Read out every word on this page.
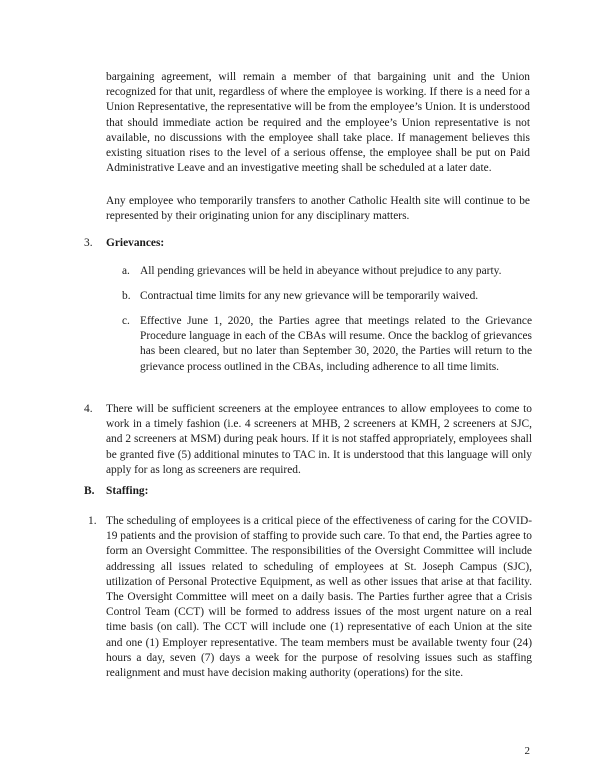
bargaining agreement, will remain a member of that bargaining unit and the Union recognized for that unit, regardless of where the employee is working. If there is a need for a Union Representative, the representative will be from the employee’s Union. It is understood that should immediate action be required and the employee’s Union representative is not available, no discussions with the employee shall take place. If management believes this existing situation rises to the level of a serious offense, the employee shall be put on Paid Administrative Leave and an investigative meeting shall be scheduled at a later date.

Any employee who temporarily transfers to another Catholic Health site will continue to be represented by their originating union for any disciplinary matters.

3. Grievances:
a. All pending grievances will be held in abeyance without prejudice to any party.

b. Contractual time limits for any new grievance will be temporarily waived.

c. Effective June 1, 2020, the Parties agree that meetings related to the Grievance Procedure language in each of the CBAs will resume. Once the backlog of grievances has been cleared, but no later than September 30, 2020, the Parties will return to the grievance process outlined in the CBAs, including adherence to all time limits.

4. There will be sufficient screeners at the employee entrances to allow employees to come to work in a timely fashion (i.e. 4 screeners at MHB, 2 screeners at KMH, 2 screeners at SJC, and 2 screeners at MSM) during peak hours. If it is not staffed appropriately, employees shall be granted five (5) additional minutes to TAC in. It is understood that this language will only apply for as long as screeners are required.

B. Staffing:
1. The scheduling of employees is a critical piece of the effectiveness of caring for the COVID-19 patients and the provision of staffing to provide such care. To that end, the Parties agree to form an Oversight Committee. The responsibilities of the Oversight Committee will include addressing all issues related to scheduling of employees at St. Joseph Campus (SJC), utilization of Personal Protective Equipment, as well as other issues that arise at that facility. The Oversight Committee will meet on a daily basis. The Parties further agree that a Crisis Control Team (CCT) will be formed to address issues of the most urgent nature on a real time basis (on call). The CCT will include one (1) representative of each Union at the site and one (1) Employer representative. The team members must be available twenty four (24) hours a day, seven (7) days a week for the purpose of resolving issues such as staffing realignment and must have decision making authority (operations) for the site.

2
